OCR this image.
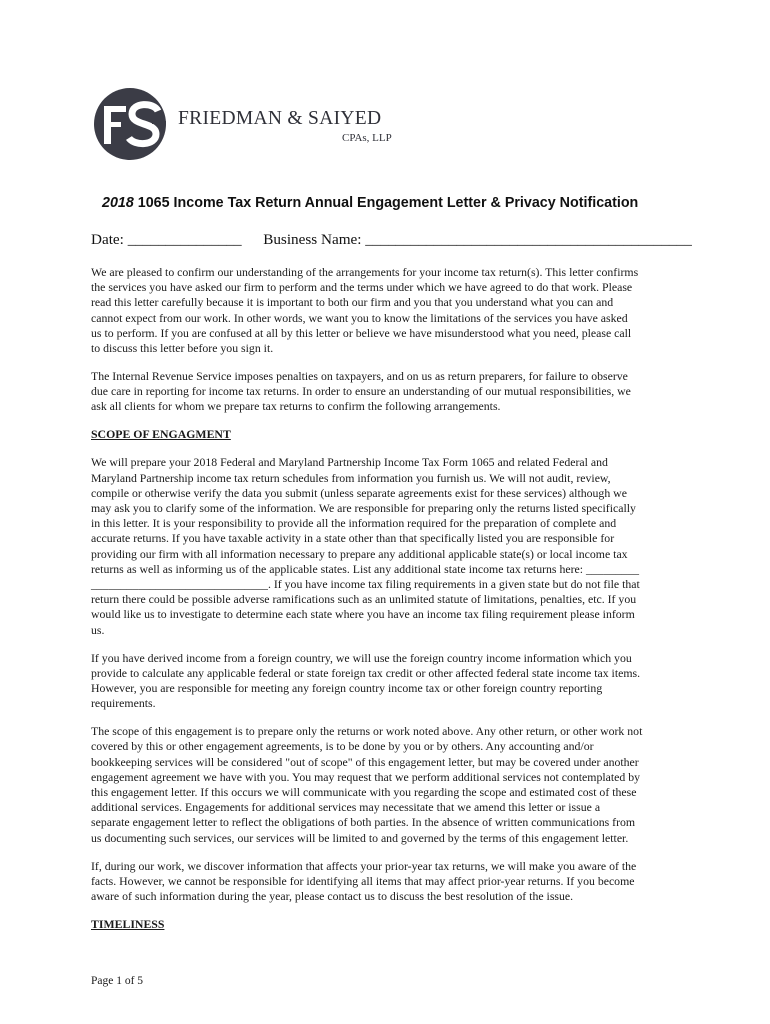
FRIEDMAN & SAIYED
CPAs, LLP
2018 1065 Income Tax Return Annual Engagement Letter & Privacy Notification
Date: _______________ Business Name: ___________________________________________

We are pleased to confirm our understanding of the arrangements for your income tax return(s). This letter confirms
the services you have asked our firm to perform and the terms under which we have agreed to do that work. Please
read this letter carefully because it is important to both our firm and you that you understand what you can and
cannot expect from our work. In other words, we want you to know the limitations of the services you have asked
us to perform. If you are confused at all by this letter or believe we have misunderstood what you need, please call
to discuss this letter before you sign it.

The Internal Revenue Service imposes penalties on taxpayers, and on us as return preparers, for failure to observe
due care in reporting for income tax returns. In order to ensure an understanding of our mutual responsibilities, we
ask all clients for whom we prepare tax returns to confirm the following arrangements.

SCOPE OF ENGAGMENT

We will prepare your 2018 Federal and Maryland Partnership Income Tax Form 1065 and related Federal and
Maryland Partnership income tax return schedules from information you furnish us. We will not audit, review,
compile or otherwise verify the data you submit (unless separate agreements exist for these services) although we
may ask you to clarify some of the information. We are responsible for preparing only the returns listed specifically
in this letter. It is your responsibility to provide all the information required for the preparation of complete and
accurate returns. If you have taxable activity in a state other than that specifically listed you are responsible for
providing our firm with all information necessary to prepare any additional applicable state(s) or local income tax
returns as well as informing us of the applicable states. List any additional state income tax returns here: _________
______________________________. If you have income tax filing requirements in a given state but do not file that
return there could be possible adverse ramifications such as an unlimited statute of limitations, penalties, etc. If you
would like us to investigate to determine each state where you have an income tax filing requirement please inform
us.

If you have derived income from a foreign country, we will use the foreign country income information which you
provide to calculate any applicable federal or state foreign tax credit or other affected federal state income tax items.
However, you are responsible for meeting any foreign country income tax or other foreign country reporting
requirements.

The scope of this engagement is to prepare only the returns or work noted above. Any other return, or other work not
covered by this or other engagement agreements, is to be done by you or by others. Any accounting and/or
bookkeeping services will be considered "out of scope" of this engagement letter, but may be covered under another
engagement agreement we have with you. You may request that we perform additional services not contemplated by
this engagement letter. If this occurs we will communicate with you regarding the scope and estimated cost of these
additional services. Engagements for additional services may necessitate that we amend this letter or issue a
separate engagement letter to reflect the obligations of both parties. In the absence of written communications from
us documenting such services, our services will be limited to and governed by the terms of this engagement letter.

If, during our work, we discover information that affects your prior-year tax returns, we will make you aware of the
facts. However, we cannot be responsible for identifying all items that may affect prior-year returns. If you become
aware of such information during the year, please contact us to discuss the best resolution of the issue.

TIMELINESS
Page 1 of 5
